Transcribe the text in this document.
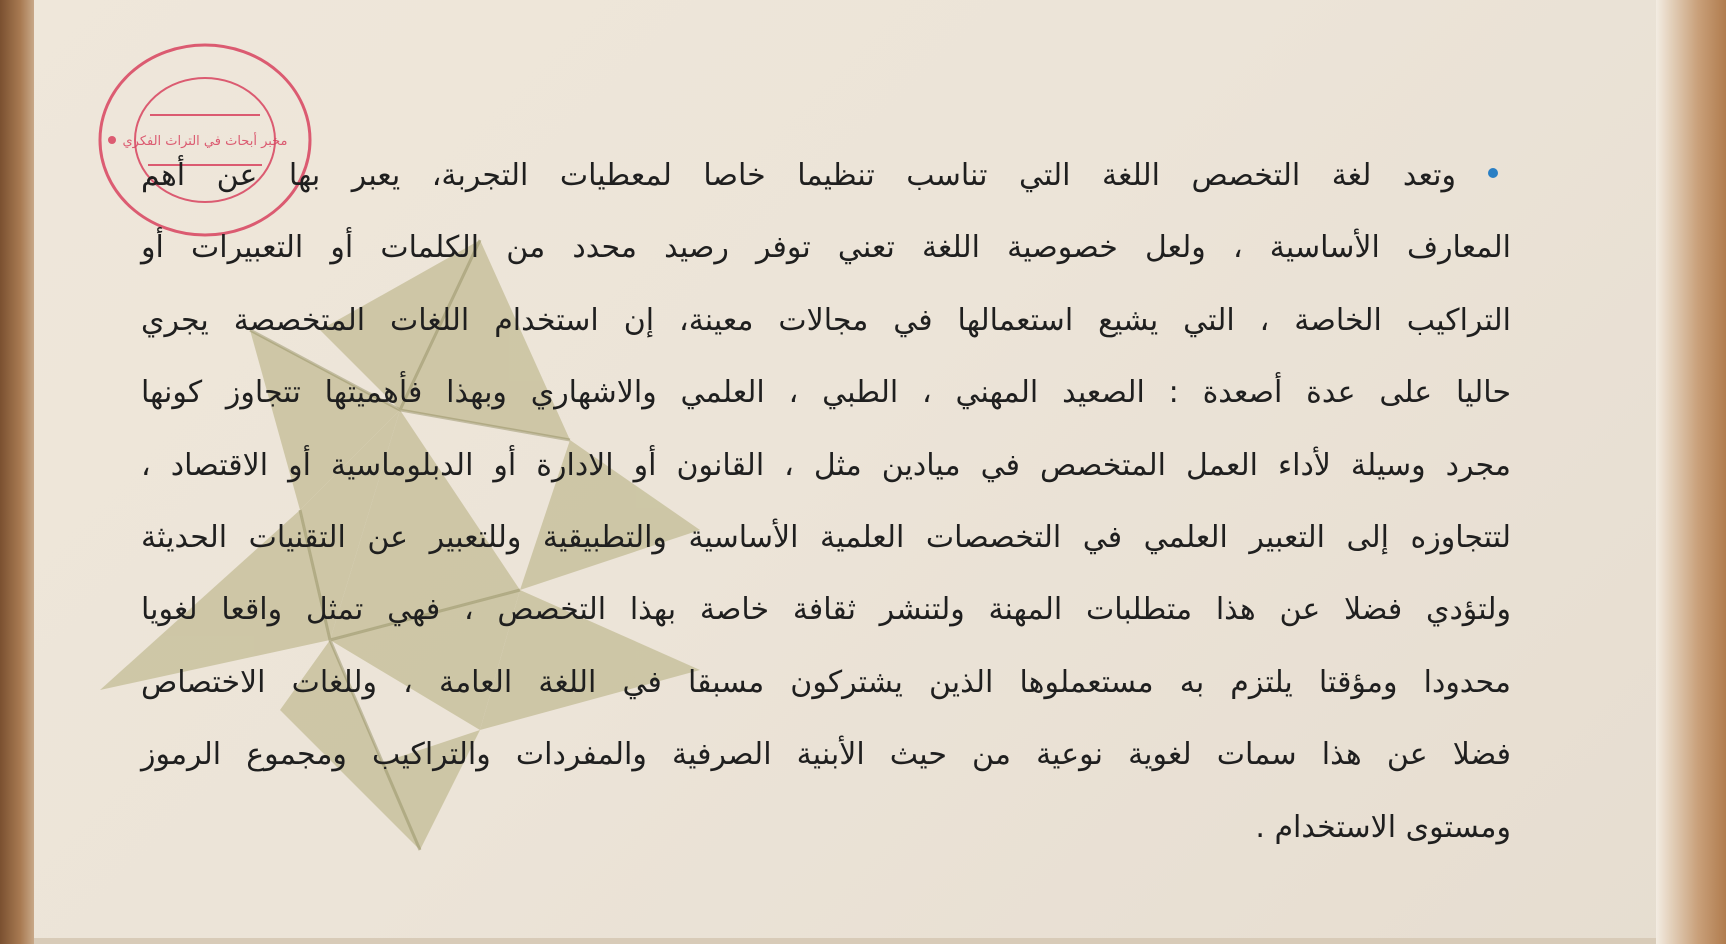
مخبر أبحاث في التراث الفكري
وتعد لغة التخصص اللغة التي تناسب تنظيما خاصا لمعطيات التجربة، يعبر بها عن أهم
المعارف الأساسية ، ولعل خصوصية اللغة تعني توفر رصيد محدد من الكلمات أو التعبيرات أو
التراكيب الخاصة ، التي يشيع استعمالها في مجالات معينة، إن استخدام اللغات المتخصصة يجري
حاليا على عدة أصعدة : الصعيد المهني ، الطبي ، العلمي والاشهاري وبهذا فأهميتها تتجاوز كونها
مجرد وسيلة لأداء العمل المتخصص في ميادين مثل ، القانون أو الادارة أو الدبلوماسية أو الاقتصاد ،
لتتجاوزه إلى التعبير العلمي في التخصصات العلمية الأساسية والتطبيقية وللتعبير عن التقنيات الحديثة
ولتؤدي فضلا عن هذا متطلبات المهنة ولتنشر ثقافة خاصة بهذا التخصص ، فهي تمثل واقعا لغويا
محدودا ومؤقتا يلتزم به مستعملوها الذين يشتركون مسبقا في اللغة العامة ، وللغات الاختصاص
فضلا عن هذا سمات لغوية نوعية من حيث الأبنية الصرفية والمفردات والتراكيب ومجموع الرموز
ومستوى الاستخدام .
